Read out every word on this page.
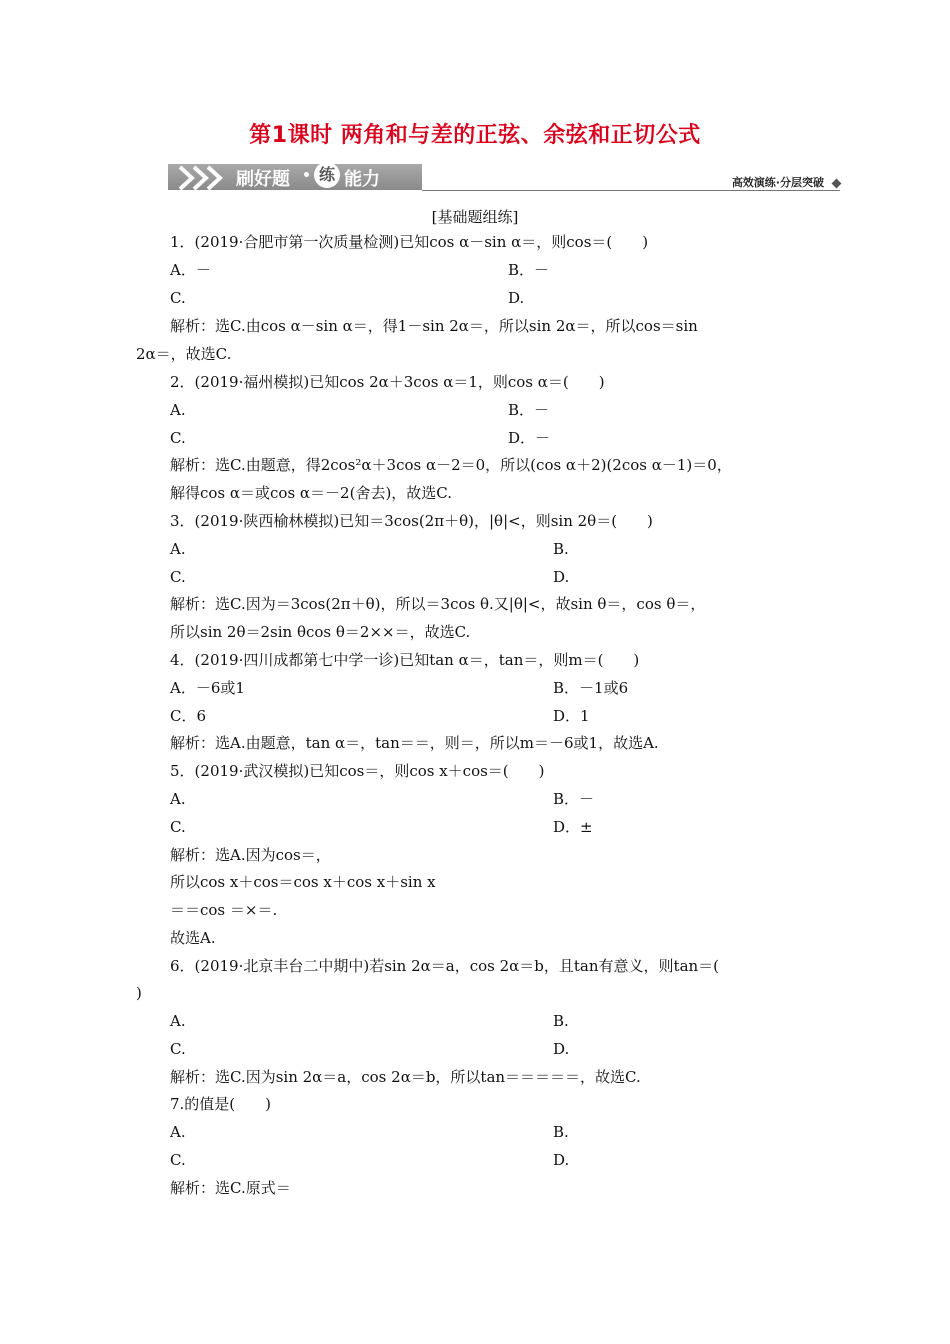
第1课时 两角和与差的正弦、余弦和正切公式
刷好题	练 能力	高效演练·分层突破
[基础题组练]
1．(2019·合肥市第一次质量检测)已知cos α－sin α＝，则cos＝(　　)
A．－
C.
解析：选C.由cos α－sin α＝，得1－sin 2α＝，所以sin 2α＝，所以cos＝sin
2α＝，故选C.
2．(2019·福州模拟)已知cos 2α＋3cos α＝1，则cos α＝(　　)
A.
C.
解析：选C.由题意，得2cos²α＋3cos α－2＝0，所以(cos α＋2)(2cos α－1)＝0，
解得cos α＝或cos α＝－2(舍去)，故选C.
3．(2019·陕西榆林模拟)已知＝3cos(2π＋θ)，|θ|<，则sin 2θ＝(　　)
A.
C.
解析：选C.因为＝3cos(2π＋θ)，所以＝3cos θ.又|θ|<，故sin θ＝，cos θ＝，
所以sin 2θ＝2sin θcos θ＝2××＝，故选C.
4．(2019·四川成都第七中学一诊)已知tan α＝，tan＝，则m＝(　　)
A．－6或1
C．6
解析：选A.由题意，tan α＝，tan＝＝，则＝，所以m＝－6或1，故选A.
5．(2019·武汉模拟)已知cos＝，则cos x＋cos＝(　　)
A.
C.
解析：选A.因为cos＝，
所以cos x＋cos＝cos x＋cos x＋sin x
＝＝cos ＝×＝.
故选A.
6．(2019·北京丰台二中期中)若sin 2α＝a，cos 2α＝b，且tan有意义，则tan＝(
)
A.
C.
解析：选C.因为sin 2α＝a，cos 2α＝b，所以tan＝＝＝＝＝，故选C.
7.的值是(　　)
A.
C.
解析：选C.原式＝
B．－
D.
B．－
D．－
B.
D.
B．－1或6
D．1
B．－
D．±
B.
D.
B.
D.
